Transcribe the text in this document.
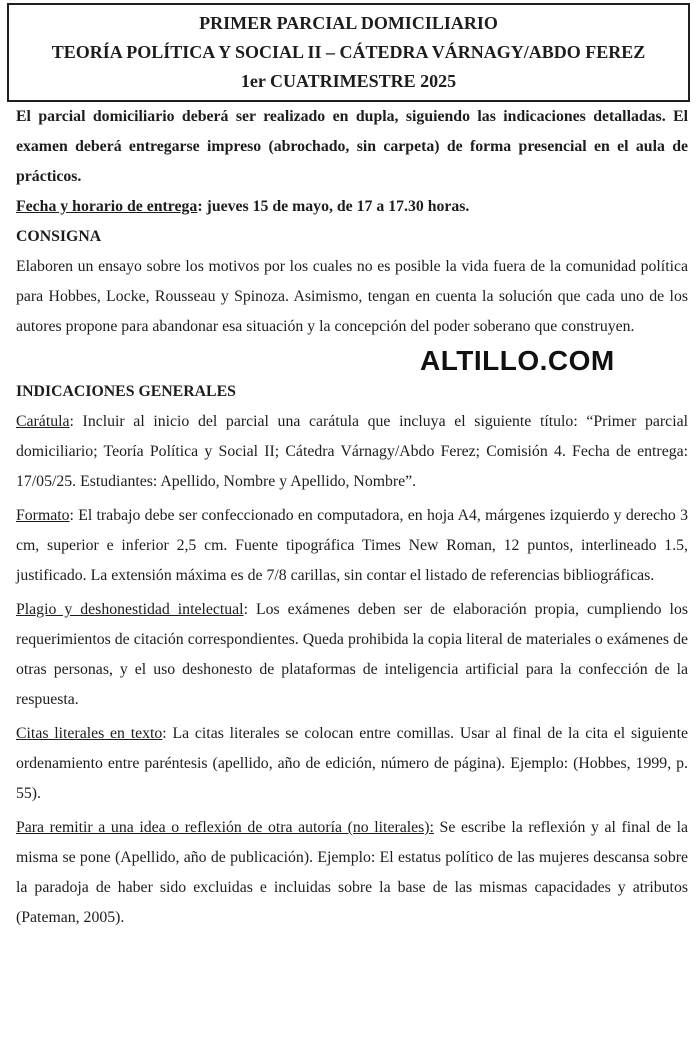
PRIMER PARCIAL DOMICILIARIO
TEORÍA POLÍTICA Y SOCIAL II – CÁTEDRA VÁRNAGY/ABDO FEREZ
1er CUATRIMESTRE 2025

El parcial domiciliario deberá ser realizado en dupla, siguiendo las indicaciones detalladas. El examen deberá entregarse impreso (abrochado, sin carpeta) de forma presencial en el aula de prácticos.

Fecha y horario de entrega: jueves 15 de mayo, de 17 a 17.30 horas.

CONSIGNA

Elaboren un ensayo sobre los motivos por los cuales no es posible la vida fuera de la comunidad política para Hobbes, Locke, Rousseau y Spinoza. Asimismo, tengan en cuenta la solución que cada uno de los autores propone para abandonar esa situación y la concepción del poder soberano que construyen.

ALTILLO.COM

INDICACIONES GENERALES

Carátula: Incluir al inicio del parcial una carátula que incluya el siguiente título: “Primer parcial domiciliario; Teoría Política y Social II; Cátedra Várnagy/Abdo Ferez; Comisión 4. Fecha de entrega: 17/05/25. Estudiantes: Apellido, Nombre y Apellido, Nombre”.

Formato: El trabajo debe ser confeccionado en computadora, en hoja A4, márgenes izquierdo y derecho 3 cm, superior e inferior 2,5 cm. Fuente tipográfica Times New Roman, 12 puntos, interlineado 1.5, justificado. La extensión máxima es de 7/8 carillas, sin contar el listado de referencias bibliográficas.

Plagio y deshonestidad intelectual: Los exámenes deben ser de elaboración propia, cumpliendo los requerimientos de citación correspondientes. Queda prohibida la copia literal de materiales o exámenes de otras personas, y el uso deshonesto de plataformas de inteligencia artificial para la confección de la respuesta.

Citas literales en texto: La citas literales se colocan entre comillas. Usar al final de la cita el siguiente ordenamiento entre paréntesis (apellido, año de edición, número de página). Ejemplo: (Hobbes, 1999, p. 55).

Para remitir a una idea o reflexión de otra autoría (no literales): Se escribe la reflexión y al final de la misma se pone (Apellido, año de publicación). Ejemplo: El estatus político de las mujeres descansa sobre la paradoja de haber sido excluidas e incluidas sobre la base de las mismas capacidades y atributos (Pateman, 2005).
